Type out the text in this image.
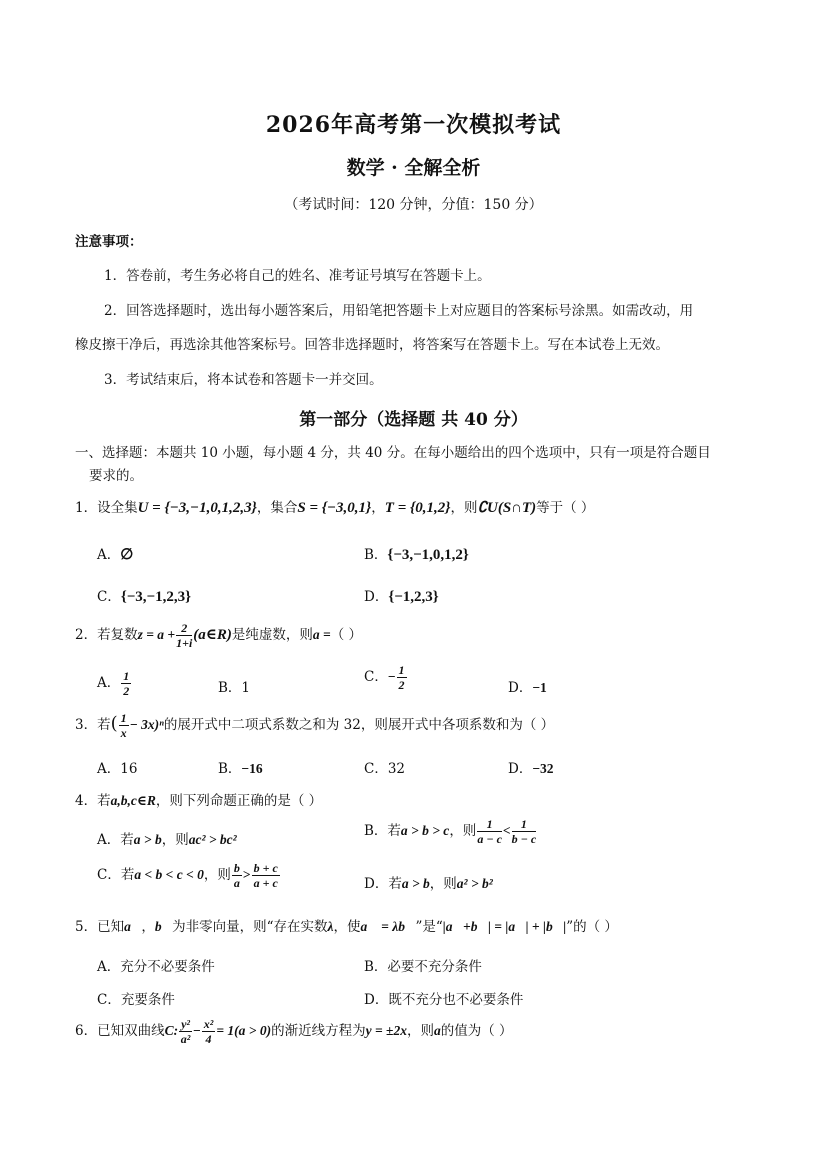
2026年高考第一次模拟考试
数学 · 全解全析
（考试时间：120 分钟，分值：150 分）
注意事项：
1．答卷前，考生务必将自己的姓名、准考证号填写在答题卡上。
2．回答选择题时，选出每小题答案后，用铅笔把答题卡上对应题目的答案标号涂黑。如需改动，用
橡皮擦干净后，再选涂其他答案标号。回答非选择题时，将答案写在答题卡上。写在本试卷上无效。
3．考试结束后，将本试卷和答题卡一并交回。
第一部分（选择题 共 40 分）
一、选择题：本题共 10 小题，每小题 4 分，共 40 分。在每小题给出的四个选项中，只有一项是符合题目
要求的。
1．设全集U = {−3,−1,0,1,2,3}，集合S = {−3,0,1}，T = {0,1,2}，则∁U(S∩T)等于（ ）
A．∅	B．{−3,−1,0,1,2}
C．{−3,−1,2,3}	D．{−1,2,3}
2．若复数$z = a + \frac{2}{1+i}$ (a∈R)是纯虚数，则a =（ ）
A． $\frac{1}{2}$	B．1
C．− $\frac{1}{2}$	D．−1
3．若( $\frac{1}{x} - 3x)^n$的展开式中二项式系数之和为 32，则展开式中各项系数和为（ ）
A．16	B．−16	C．32	D．−32
4．若a,b,c∈R，则下列命题正确的是（ ）
A．若a > b，则ac² > bc²
B．若a > b > c，则 $\frac{1}{a - c} < \frac{1}{b - c}$
C．若a < b < c < 0，则 $\frac{b}{a} > \frac{b + c}{a + c}$	D．若a > b，则a² > b²
5．已知a⃗，b⃗为非零向量，则“存在实数λ，使a⃗ = λb⃗”是“|a⃗+b⃗| = |a⃗| + |b⃗|”的（ ）
A．充分不必要条件	B．必要不充分条件
C．充要条件	D．既不充分也不必要条件
6．已知双曲线C: $\frac{\text{y²}}{\text{a²}} - \frac{\text{x²}}{4} = 1(a > 0)$的渐近线方程为y = ±2x，则a的值为（ ）
